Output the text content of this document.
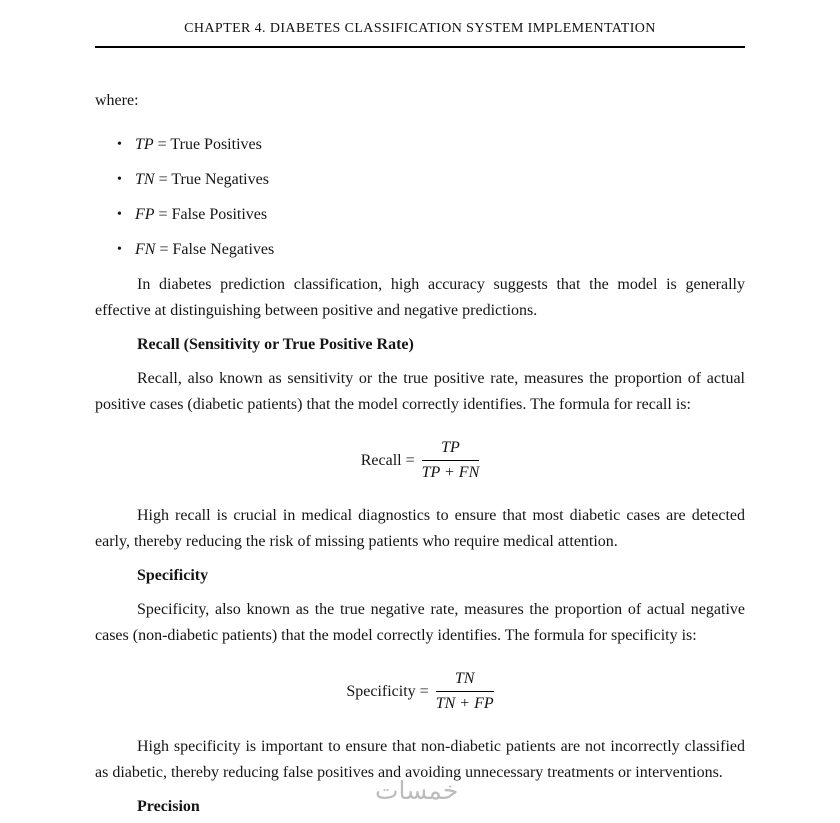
CHAPTER 4. DIABETES CLASSIFICATION SYSTEM IMPLEMENTATION
where:
• TP = True Positives
• TN = True Negatives
• FP = False Positives
• FN = False Negatives

In diabetes prediction classification, high accuracy suggests that the model is generally effective at distinguishing between positive and negative predictions.

Recall (Sensitivity or True Positive Rate)

Recall, also known as sensitivity or the true positive rate, measures the proportion of actual positive cases (diabetic patients) that the model correctly identifies. The formula for recall is:

Recall = $\frac{TP}{TP + FN}$

High recall is crucial in medical diagnostics to ensure that most diabetic cases are detected early, thereby reducing the risk of missing patients who require medical attention.

Specificity

Specificity, also known as the true negative rate, measures the proportion of actual negative cases (non-diabetic patients) that the model correctly identifies. The formula for specificity is:

Specificity = $\frac{TN}{TN + FP}$

High specificity is important to ensure that non-diabetic patients are not incorrectly classified as diabetic, thereby reducing false positives and avoiding unnecessary treatments or interventions.

Precision
خمسات
